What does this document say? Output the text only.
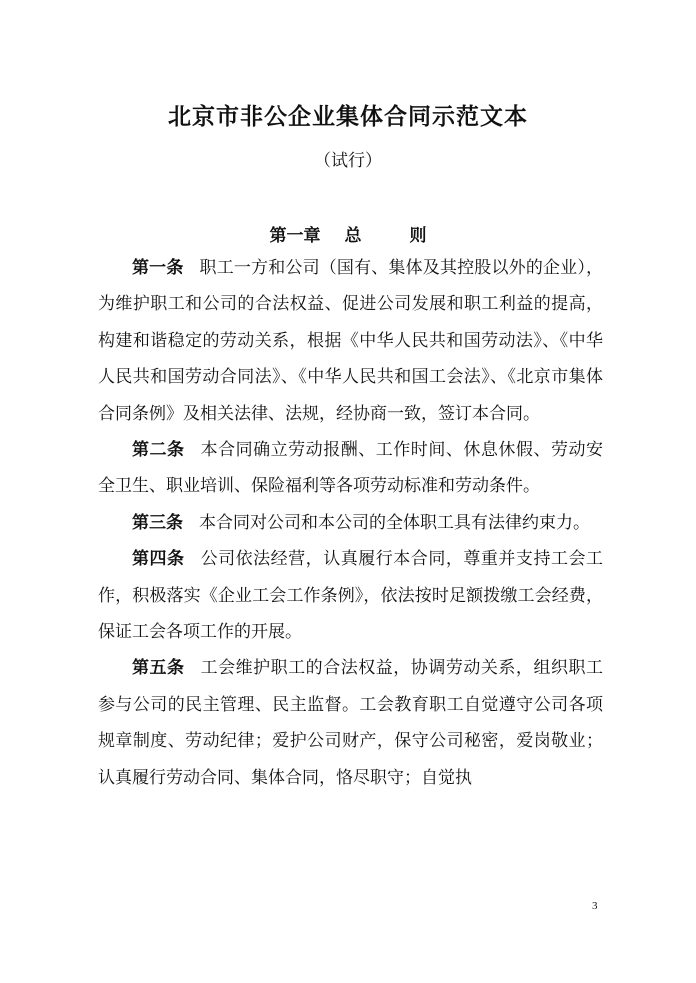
北京市非公企业集体合同示范文本
（试行）
第一章 总	则

第一条 职工一方和公司（国有、集体及其控股以外的企业），为维护职工和公司的合法权益、促进公司发展和职工利益的提高，构建和谐稳定的劳动关系，根据《中华人民共和国劳动法》、《中华人民共和国劳动合同法》、《中华人民共和国工会法》、《北京市集体合同条例》及相关法律、法规，经协商一致，签订本合同。

第二条 本合同确立劳动报酬、工作时间、休息休假、劳动安全卫生、职业培训、保险福利等各项劳动标准和劳动条件。

第三条 本合同对公司和本公司的全体职工具有法律约束力。

第四条 公司依法经营，认真履行本合同，尊重并支持工会工作，积极落实《企业工会工作条例》，依法按时足额拨缴工会经费，保证工会各项工作的开展。

第五条 工会维护职工的合法权益，协调劳动关系，组织职工参与公司的民主管理、民主监督。工会教育职工自觉遵守公司各项规章制度、劳动纪律；爱护公司财产，保守公司秘密，爱岗敬业；认真履行劳动合同、集体合同，恪尽职守；自觉执

3
